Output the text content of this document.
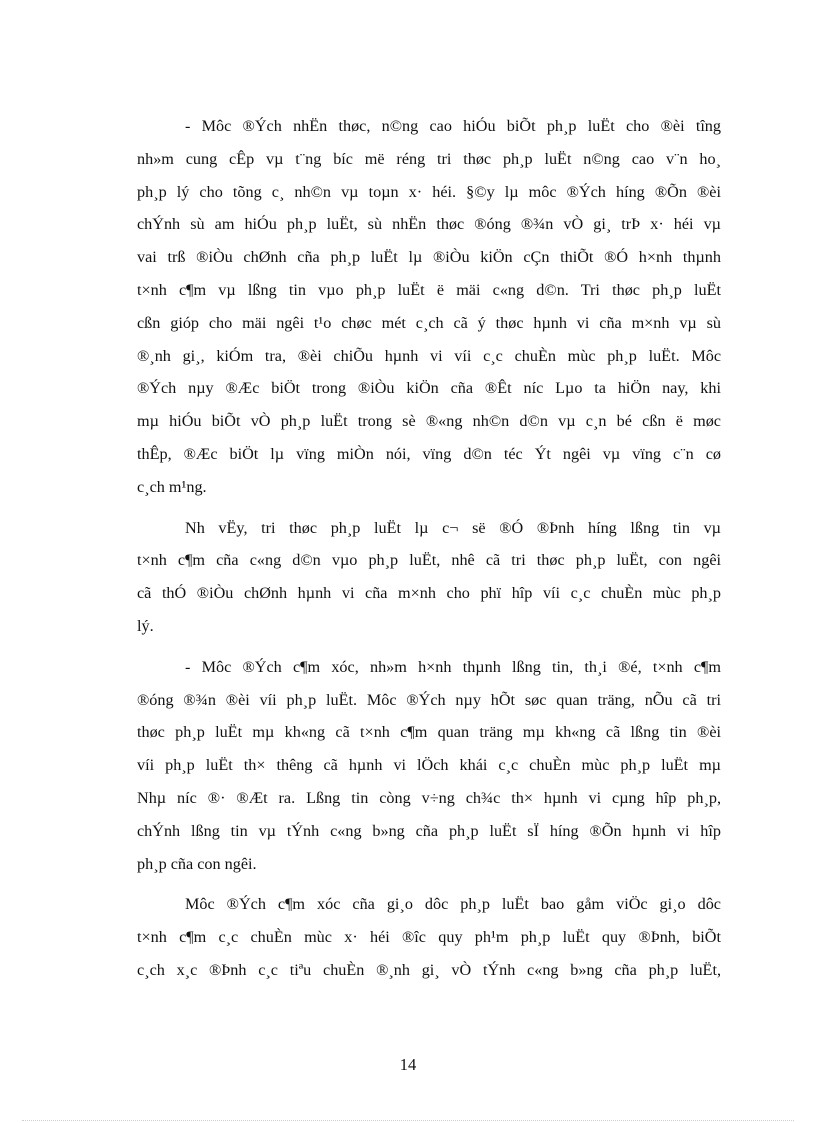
- Môc ®Ých nhËn thøc, n©ng cao hiÓu biÕt ph¸p luËt cho ®èi tîng
nh»m cung cÊp vµ t¨ng bíc më réng tri thøc ph¸p luËt n©ng cao v¨n ho¸
ph¸p lý cho tõng c¸ nh©n vµ toµn x· héi. §©y lµ môc ®Ých híng ®Õn ®èi
chÝnh sù am hiÓu ph¸p luËt, sù nhËn thøc ®óng ®¾n vÒ gi¸ trÞ x· héi vµ
vai trß ®iÒu chØnh cña ph¸p luËt lµ ®iÒu kiÖn cÇn thiÕt ®Ó h×nh thµnh
t×nh c¶m vµ lßng tin vµo ph¸p luËt ë mäi c«ng d©n. Tri thøc ph¸p luËt
cßn gióp cho mäi ngêi t¹o chøc mét c¸ch cã ý thøc hµnh vi cña m×nh vµ sù
®¸nh gi¸, kiÓm tra, ®èi chiÕu hµnh vi víi c¸c chuÈn mùc ph¸p luËt. Môc
®Ých nµy ®Æc biÖt trong ®iÒu kiÖn cña ®Êt níc Lµo ta hiÖn nay, khi
mµ hiÓu biÕt vÒ ph¸p luËt trong sè ®«ng nh©n d©n vµ c¸n bé cßn ë møc
thÊp, ®Æc biÖt lµ vïng miÒn nói, vïng d©n téc Ýt ngêi vµ vïng c¨n cø
c¸ch m¹ng.
Nh vËy, tri thøc ph¸p luËt lµ c¬ së ®Ó ®Þnh híng lßng tin vµ
t×nh c¶m cña c«ng d©n vµo ph¸p luËt, nhê cã tri thøc ph¸p luËt, con ngêi
cã thÓ ®iÒu chØnh hµnh vi cña m×nh cho phï hîp víi c¸c chuÈn mùc ph¸p
lý.
- Môc ®Ých c¶m xóc, nh»m h×nh thµnh lßng tin, th¸i ®é, t×nh c¶m
®óng ®¾n ®èi víi ph¸p luËt. Môc ®Ých nµy hÕt søc quan träng, nÕu cã tri
thøc ph¸p luËt mµ kh«ng cã t×nh c¶m quan träng mµ kh«ng cã lßng tin ®èi
víi ph¸p luËt th× thêng cã hµnh vi lÖch khái c¸c chuÈn mùc ph¸p luËt mµ
Nhµ níc ®· ®Æt ra. Lßng tin còng v÷ng ch¾c th× hµnh vi cµng hîp ph¸p,
chÝnh lßng tin vµ tÝnh c«ng b»ng cña ph¸p luËt sÏ híng ®Õn hµnh vi hîp
ph¸p cña con ngêi.
Môc ®Ých c¶m xóc cña gi¸o dôc ph¸p luËt bao gåm viÖc gi¸o dôc
t×nh c¶m c¸c chuÈn mùc x· héi ®îc quy ph¹m ph¸p luËt quy ®Þnh, biÕt
c¸ch x¸c ®Þnh c¸c tiªu chuÈn ®¸nh gi¸ vÒ tÝnh c«ng b»ng cña ph¸p luËt,
14
